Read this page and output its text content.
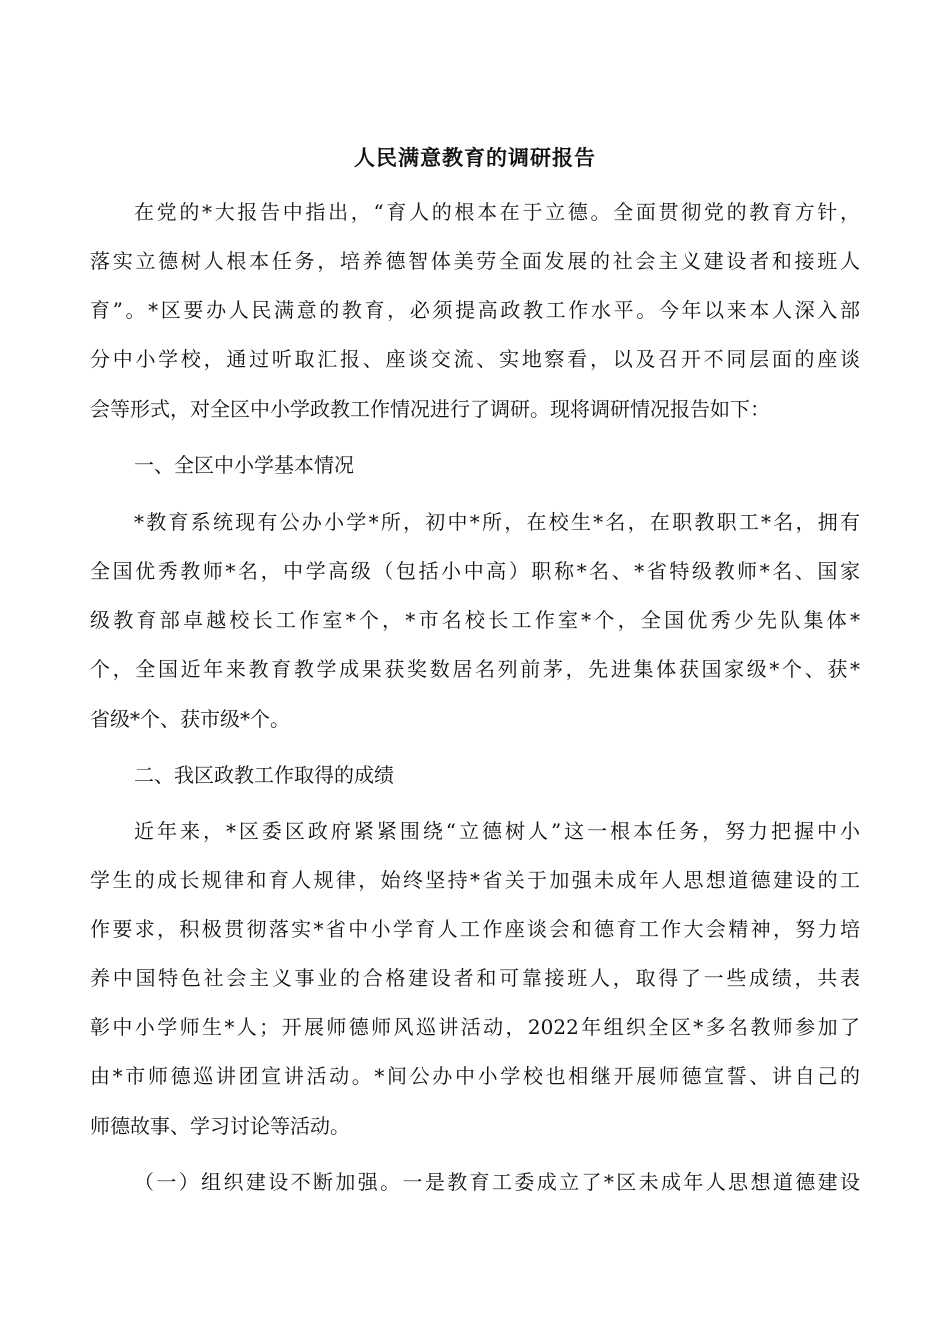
人民满意教育的调研报告
在党的*大报告中指出，“育人的根本在于立德。全面贯彻党的教育方针，
落实立德树人根本任务，培养德智体美劳全面发展的社会主义建设者和接班人
育”。*区要办人民满意的教育，必须提高政教工作水平。今年以来本人深入部
分中小学校，通过听取汇报、座谈交流、实地察看，以及召开不同层面的座谈
会等形式，对全区中小学政教工作情况进行了调研。现将调研情况报告如下：
一、全区中小学基本情况
*教育系统现有公办小学*所，初中*所，在校生*名，在职教职工*名，拥有
全国优秀教师*名，中学高级（包括小中高）职称*名、*省特级教师*名、国家
级教育部卓越校长工作室*个，*市名校长工作室*个，全国优秀少先队集体*
个，全国近年来教育教学成果获奖数居名列前茅，先进集体获国家级*个、获*
省级*个、获市级*个。
二、我区政教工作取得的成绩
近年来，*区委区政府紧紧围绕“立德树人”这一根本任务，努力把握中小
学生的成长规律和育人规律，始终坚持*省关于加强未成年人思想道德建设的工
作要求，积极贯彻落实*省中小学育人工作座谈会和德育工作大会精神，努力培
养中国特色社会主义事业的合格建设者和可靠接班人，取得了一些成绩，共表
彰中小学师生*人；开展师德师风巡讲活动，2022年组织全区*多名教师参加了
由*市师德巡讲团宣讲活动。*间公办中小学校也相继开展师德宣誓、讲自己的
师德故事、学习讨论等活动。
（一）组织建设不断加强。一是教育工委成立了*区未成年人思想道德建设
